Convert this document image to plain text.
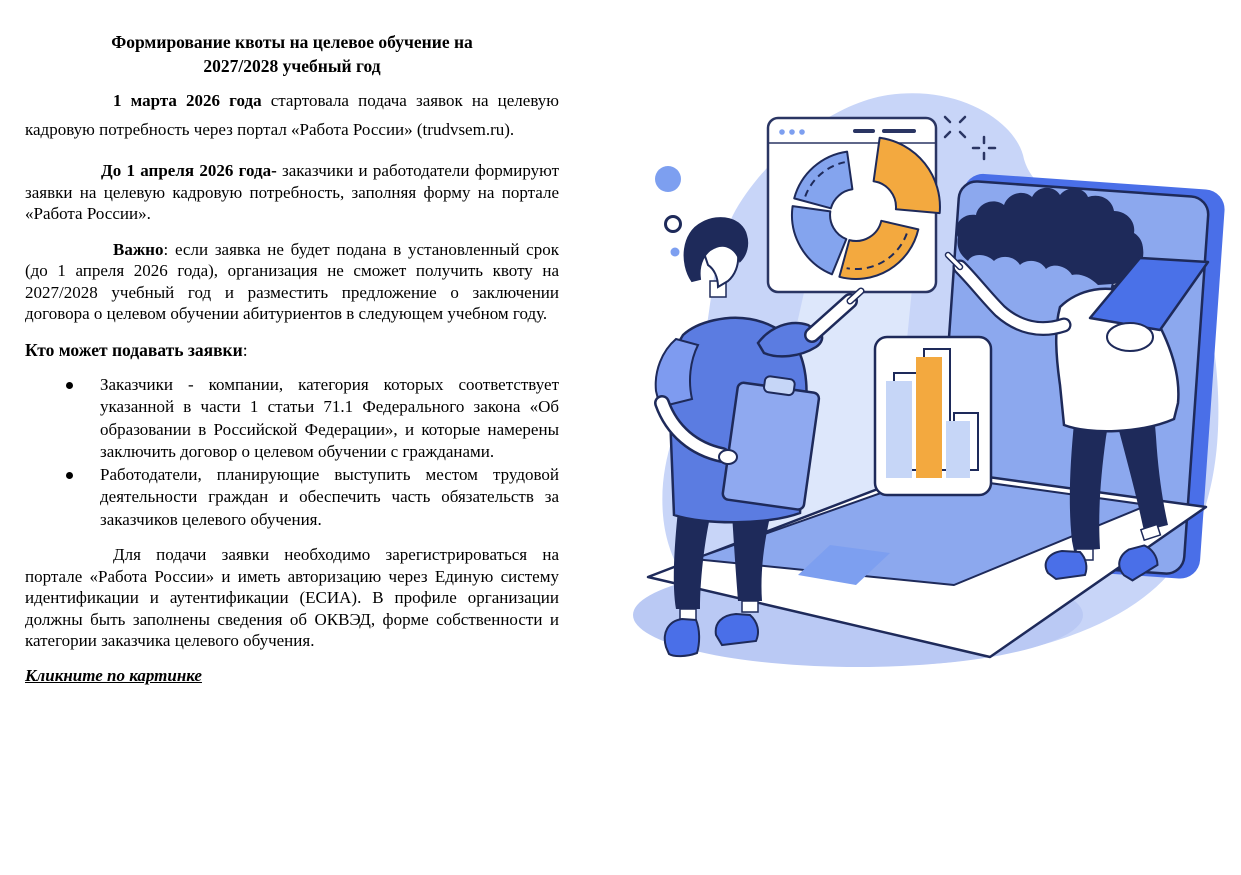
Формирование квоты на целевое обучение на
2027/2028 учебный год

1 марта 2026 года стартовала подача заявок на целевую кадровую потребность через портал «Работа России» (trudvsem.ru).

До 1 апреля 2026 года- заказчики и работодатели формируют заявки на целевую кадровую потребность, заполняя форму на портале «Работа России».

Важно: если заявка не будет подана в установленный срок (до 1 апреля 2026 года), организация не сможет получить квоту на 2027/2028 учебный год и разместить предложение о заключении договора о целевом обучении абитуриентов в следующем учебном году.

Кто может подавать заявки:
Заказчики - компании, категория которых соответствует указанной в части 1 статьи 71.1 Федерального закона «Об образовании в Российской Федерации», и которые намерены заключить договор о целевом обучении с гражданами.
Работодатели, планирующие выступить местом трудовой деятельности граждан и обеспечить часть обязательств за заказчиков целевого обучения.

Для подачи заявки необходимо зарегистрироваться на портале «Работа России» и иметь авторизацию через Единую систему идентификации и аутентификации (ЕСИА). В профиле организации должны быть заполнены сведения об ОКВЭД, форме собственности и категории заказчика целевого обучения.

Кликните по картинке
